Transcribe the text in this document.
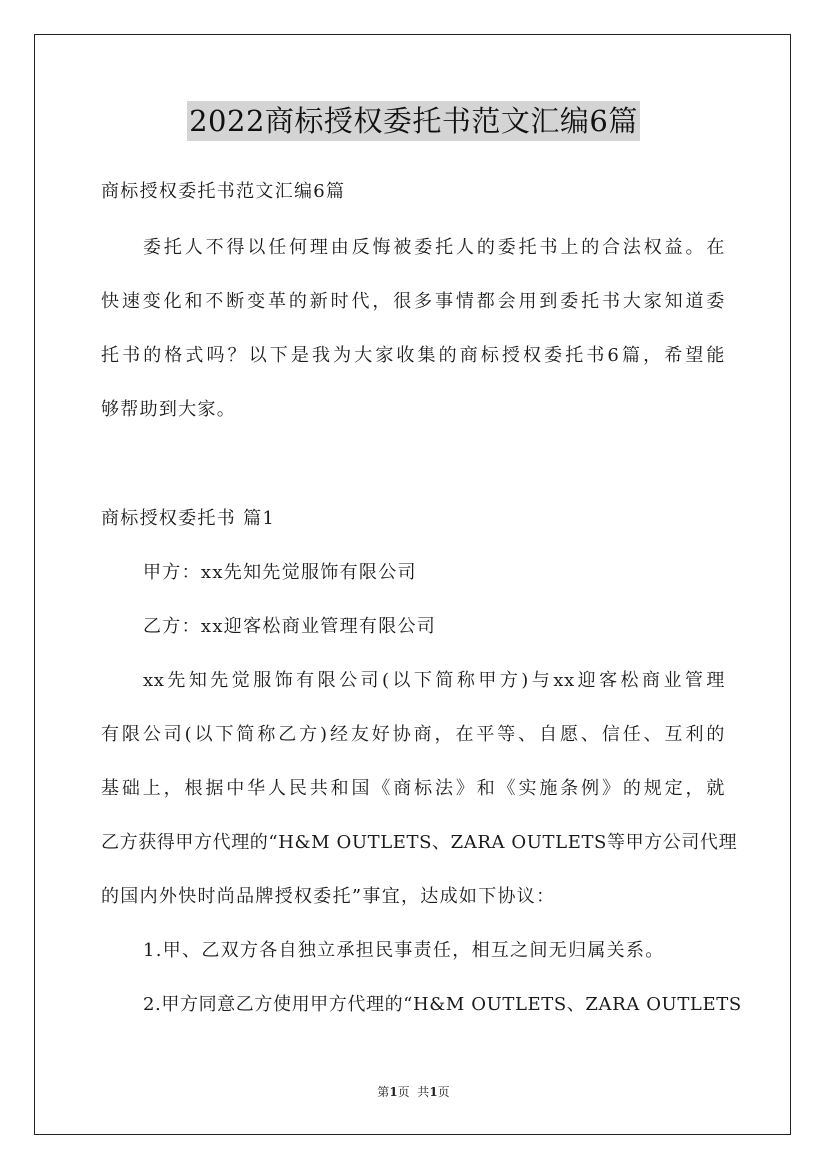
2022商标授权委托书范文汇编6篇
商标授权委托书范文汇编6篇
委托人不得以任何理由反悔被委托人的委托书上的合法权益。在
快速变化和不断变革的新时代，很多事情都会用到委托书大家知道委
托书的格式吗？以下是我为大家收集的商标授权委托书6篇，希望能
够帮助到大家。
商标授权委托书 篇1
甲方：xx先知先觉服饰有限公司
乙方：xx迎客松商业管理有限公司
xx先知先觉服饰有限公司(以下简称甲方)与xx迎客松商业管理
有限公司(以下简称乙方)经友好协商，在平等、自愿、信任、互利的
基础上，根据中华人民共和国《商标法》和《实施条例》的规定，就
乙方获得甲方代理的“H&M OUTLETS、ZARA OUTLETS等甲方公司代理
的国内外快时尚品牌授权委托”事宜，达成如下协议：
1.甲、乙双方各自独立承担民事责任，相互之间无归属关系。
2.甲方同意乙方使用甲方代理的“H&M OUTLETS、ZARA OUTLETS
第1页  共1页
